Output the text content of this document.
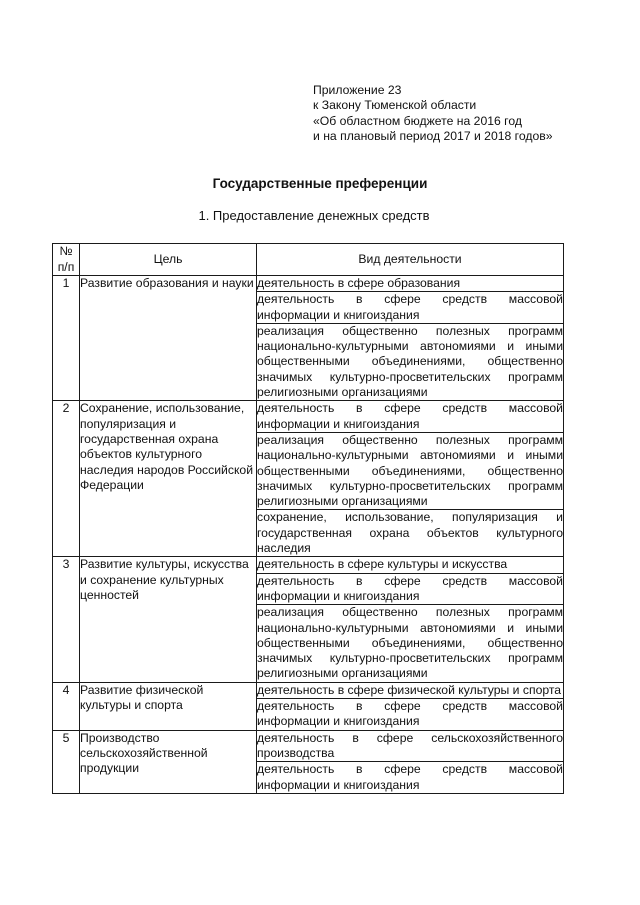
Приложение 23
к Закону Тюменской области
«Об областном бюджете на 2016 год
и на плановый период 2017 и 2018 годов»
Государственные преференции
1. Предоставление денежных средств
№
п/п	Цель	Вид деятельности
1	Развитие образования и науки	деятельность в сфере образования
		деятельность в сфере средств массовой информации и книгоиздания
		реализация общественно полезных программ национально-культурными автономиями и иными общественными объединениями, общественно значимых культурно-просветительских программ религиозными организациями
2	Сохранение, использование, популяризация и государственная охрана объектов культурного наследия народов Российской Федерации	деятельность в сфере средств массовой информации и книгоиздания
		реализация общественно полезных программ национально-культурными автономиями и иными общественными объединениями, общественно значимых культурно-просветительских программ религиозными организациями
		сохранение, использование, популяризация и государственная охрана объектов культурного наследия
3	Развитие культуры, искусства и сохранение культурных ценностей	деятельность в сфере культуры и искусства
		деятельность в сфере средств массовой информации и книгоиздания
		реализация общественно полезных программ национально-культурными автономиями и иными общественными объединениями, общественно значимых культурно-просветительских программ религиозными организациями
4	Развитие физической культуры и спорта	деятельность в сфере физической культуры и спорта
		деятельность в сфере средств массовой информации и книгоиздания
5	Производство сельскохозяйственной продукции	деятельность в сфере сельскохозяйственного производства
		деятельность в сфере средств массовой информации и книгоиздания
